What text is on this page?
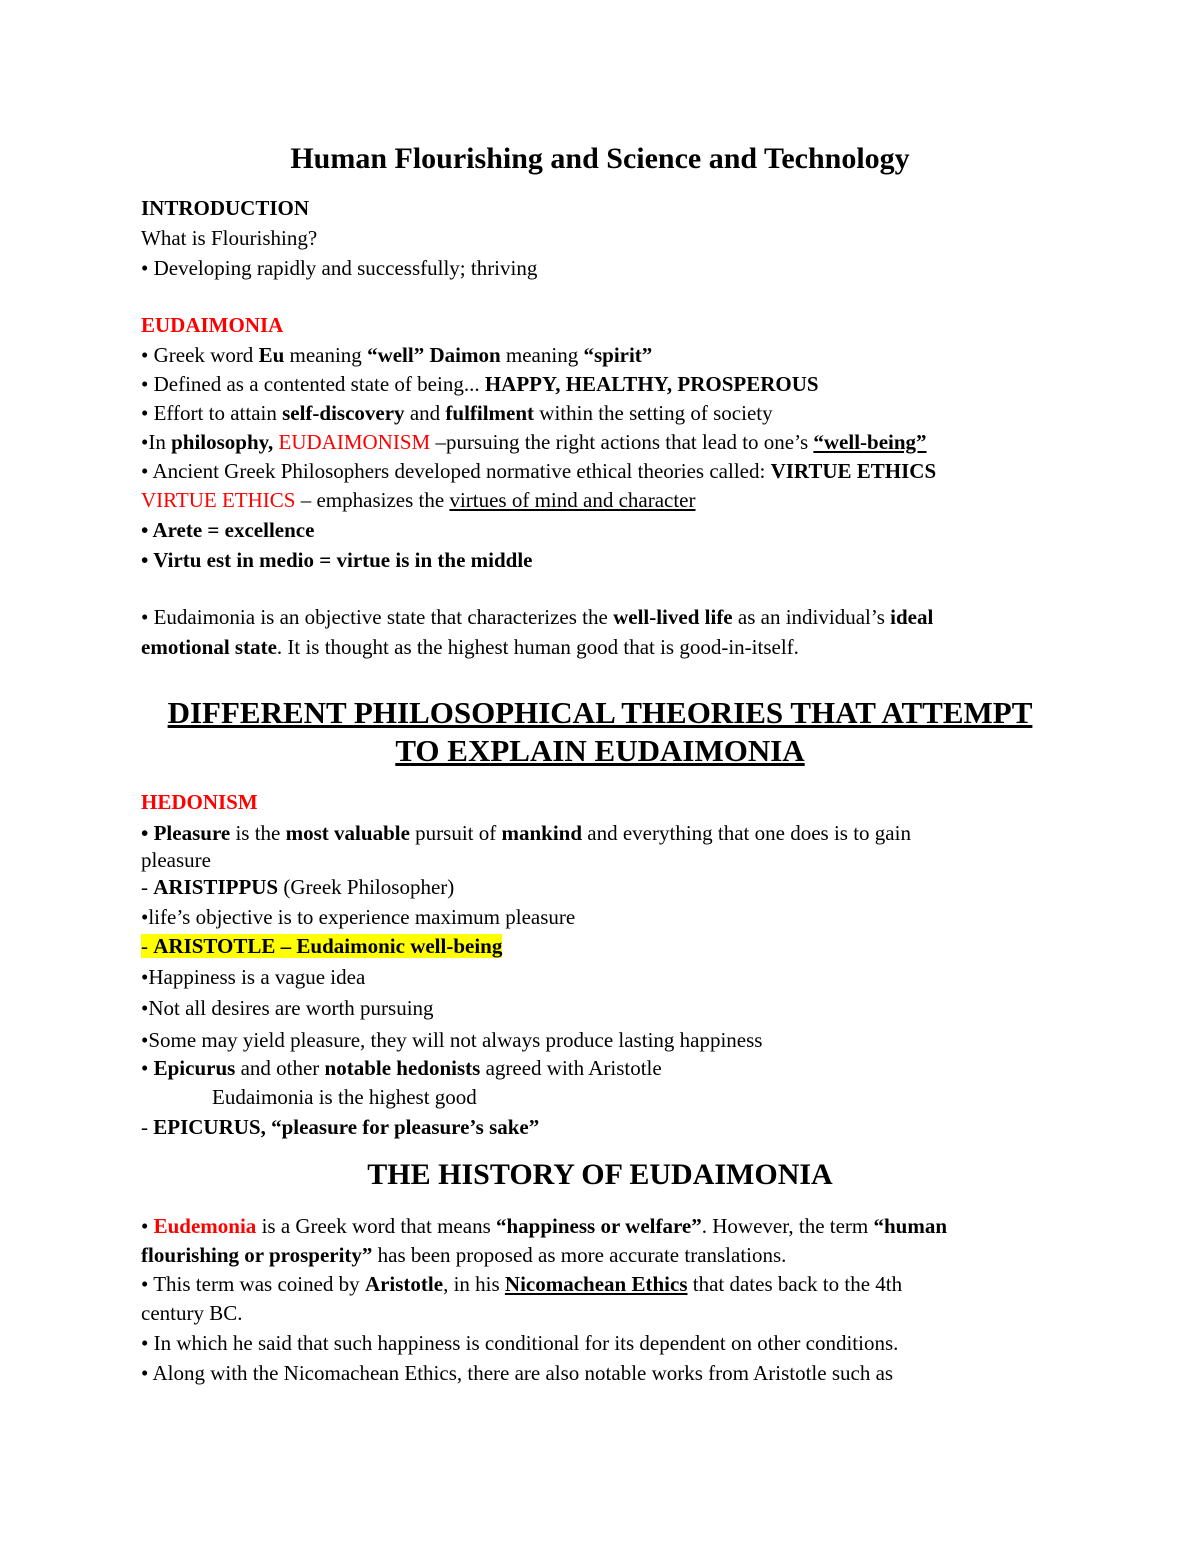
Human Flourishing and Science and Technology
INTRODUCTION
What is Flourishing?
• Developing rapidly and successfully; thriving
EUDAIMONIA
• Greek word Eu meaning “well” Daimon meaning “spirit”
• Defined as a contented state of being... HAPPY, HEALTHY, PROSPEROUS
• Effort to attain self-discovery and fulfilment within the setting of society
•In philosophy, EUDAIMONISM –pursuing the right actions that lead to one’s “well-being”
• Ancient Greek Philosophers developed normative ethical theories called: VIRTUE ETHICS
VIRTUE ETHICS – emphasizes the virtues of mind and character
• Arete = excellence
• Virtu est in medio = virtue is in the middle
• Eudaimonia is an objective state that characterizes the well-lived life as an individual’s ideal
emotional state. It is thought as the highest human good that is good-in-itself.
DIFFERENT PHILOSOPHICAL THEORIES THAT ATTEMPT
TO EXPLAIN EUDAIMONIA
HEDONISM
• Pleasure is the most valuable pursuit of mankind and everything that one does is to gain
pleasure
- ARISTIPPUS (Greek Philosopher)
•life’s objective is to experience maximum pleasure
- ARISTOTLE – Eudaimonic well-being
•Happiness is a vague idea
•Not all desires are worth pursuing
•Some may yield pleasure, they will not always produce lasting happiness
• Epicurus and other notable hedonists agreed with Aristotle
Eudaimonia is the highest good
- EPICURUS, “pleasure for pleasure’s sake”
THE HISTORY OF EUDAIMONIA
• Eudemonia is a Greek word that means “happiness or welfare”. However, the term “human
flourishing or prosperity” has been proposed as more accurate translations.
• This term was coined by Aristotle, in his Nicomachean Ethics that dates back to the 4th
century BC.
• In which he said that such happiness is conditional for its dependent on other conditions.
• Along with the Nicomachean Ethics, there are also notable works from Aristotle such as
